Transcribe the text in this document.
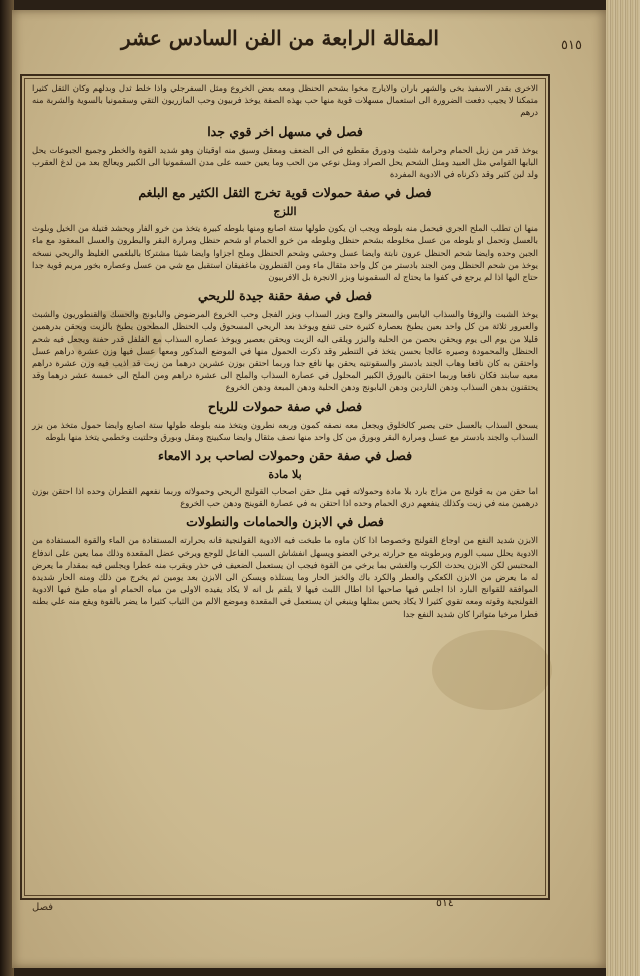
المقالة الرابعة من الفن السادس عشر	٥١٥
الاخرى بقدر الاسفيذ بخى والشهر باران والايارج مخوا بشحم الحنظل ومعه بعض الخروع ومثل السفرجلي واذا خلط ثدل وبدلهم وكان الثقل كثيرا متمكنا لا يجيب دفعت الضرورة الى استعمال مسهلات قوية منها حب بهذه الصفة يوخذ فربيون وحب المازريون التقي وسقمونيا بالسوية والشربة منه درهم
فصل في مسهل اخر قوي جدا
يوخذ قدر من زبل الحمام وحرامة شثيث ودورق مقطيع في الى الضعف ومعقل وسيق منه اوقيتان وهو شديد القوة والخطر وجميع الجبوعات يحل البابها القوامي مثل العبيد ومثل الشحم يحل الصراد ومثل نوعي من الحب وما يعين حسه على مدن السقمونيا الى الكبير ويعالج بعد من لدغ العقرب ولد لبن كثير وقد ذكرناه في الادوية المفردة
فصل في صفة حمولات قوية تخرج الثقل الكثير مع البلغم
اللزج
منها ان تطلب الملح الجري فيحمل منه بلوطه ويجب ان يكون طولها ستة اصابع ومنها بلوطه كبيرة يتخذ من خرو الفار ويحشد فتيلة من الخيل وبلوث بالعسل وتحمل او بلوطه من عسل مخلوطه بشحم حنظل وبلوطه من خرو الحمام او شحم حنظل ومرارة البقر والبطرون والعسل المعقود مع ماء الجبن وحده وايضا شحم الحنظل عرون نابتة وايضا عسل وحشي وشحم الحنظل وملح اجزاوا وايضا شيئا مشتركا بالبلغمي الغليظ والريحي نسخه يوخذ من شحم الحنظل ومن الجند بادستر من كل واحد مثقال ماء ومن القنطرون ماغفيقان استقبل مع شي من عسل وعصاره بخور مريم قوية جدا حتاج اليها اذا لم يرجع في كفوا ما يحتاج له السقمونيا وبزر الانجرة بل الافربيون
فصل في صفة حقنة جيدة للريحي
يوخذ الشبت والزوفا والسذاب اليابس والسعتر والوج وبزر السذاب وبزر الفجل وحب الخروع المرضوض والبابونج والحسك والقنطوريون والشبث والعبرور ثلاثة من كل واحد بعين يطبخ بعصارة كثيرة حتى تنفع ويوخذ بعد الريحي المسحوق ولب الحنظل المطحون يطبخ بالزيت ويحقن بدرهمين قليلا من يوم الى يوم ويحقن بحصن من الحلبة والبزر ويلقى اليه الزيت ويحقن بعصير ويوخذ عصاره السذاب مع الفلفل قدر حفنة ويجعل فيه شحم الحنظل والمحمودة وصيره عالجا بحسن يتخذ في التنطير وقد ذكرت الحمول منها في الموضع المذكور ومعها عسل فيها وزن عشرة دراهم عسل واحتقن به كان نافعا وهاب الجند بادستر والسقونتيه يحقن بها نافع جدا وربما احتقن بوزن عشرين درهما من زيت قد اذيب فيه وزن عشرة دراهم معيه سابند فكان نافعا وربما احتقن بالبورق الكبير المحلول في عصارة السذاب والملح الى عشرة دراهم ومن الملح الى خمسة عشر درهما وقد يحتقنون بدهن السذاب ودهن الناردين ودهن البابونج ودهن الحلبة ودهن المبعة ودهن الخروع
فصل في صفة حمولات للرياح
يسحق السذاب بالعسل حتى يصير كالخلوق ويجعل معه نصفه كمون وربعه نطرون ويتخذ منه بلوطه طولها ستة اصابع وايضا حمول متخذ من بزر السذاب والجند بادستر مع عسل ومرارة البقر وبورق من كل واحد منها نصف مثقال وايضا سكبينج ومقل وبورق وحلتيت وخطمي يتخذ منها بلوطه
فصل في صفة حقن وحمولات لصاحب برد الامعاء
بلا مادة
اما حقن من به قولنج من مزاج بارد بلا مادة وحمولاته فهي مثل حقن اصحاب القولنج الريحي وحمولاته وربما نفعهم القطران وحده اذا احتقن بوزن درهمين منه في زيت وكذلك ينفعهم دري الحمام وحده اذا احتقن به في عصارة القوينج ودهن حب الخروع
فصل في الابزن والحمامات والنطولات
الابزن شديد النفع من اوجاع القولنج وخصوصا اذا كان ماوه ما طبخت فيه الادوية القولنجية فانه بحرارته المستفادة من الماء والقوة المستفادة من الادوية يحلل سبب الورم وبرطوبته مع حرارته يرخي العضو ويسهل انفشاش السبب الفاعل للوجع ويرخي عضل المقعدة وذلك مما يعين على اندفاع المحتبس لكن الابزن يحدث الكرب والغشي بما يرخي من القوة فيجب ان يستعمل الضعيف في حذر ويقرب منه عطرا ويجلس فيه بمقدار ما يعرض له ما يعرض من الابزن الكعكي والعطر والكرد باك والخبز الحار وما يستلذه ويسكن الى الابزن بعد يومين ثم يخرج من ذلك ومنه الحار شديدة الموافقة للقوانج البارد اذا اجلس فيها صاحبها اذا اطال اللبث فيها لا يلقم بل انه لا يكاد يفيده الاولى من مياه الحمام او مياه طبخ فيها الادوية القولنجية وقوته ومعه تقوي كثيرا لا يكاد يحس بمثلها وينبغي ان يستعمل في المقعدة وموضع الالم من الثياب كثيرا ما يضر بالقوة ويقع منه علي بطنه فطرا مرخيا متواترا كان شديد النفع جدا
فصل	٥١٤
